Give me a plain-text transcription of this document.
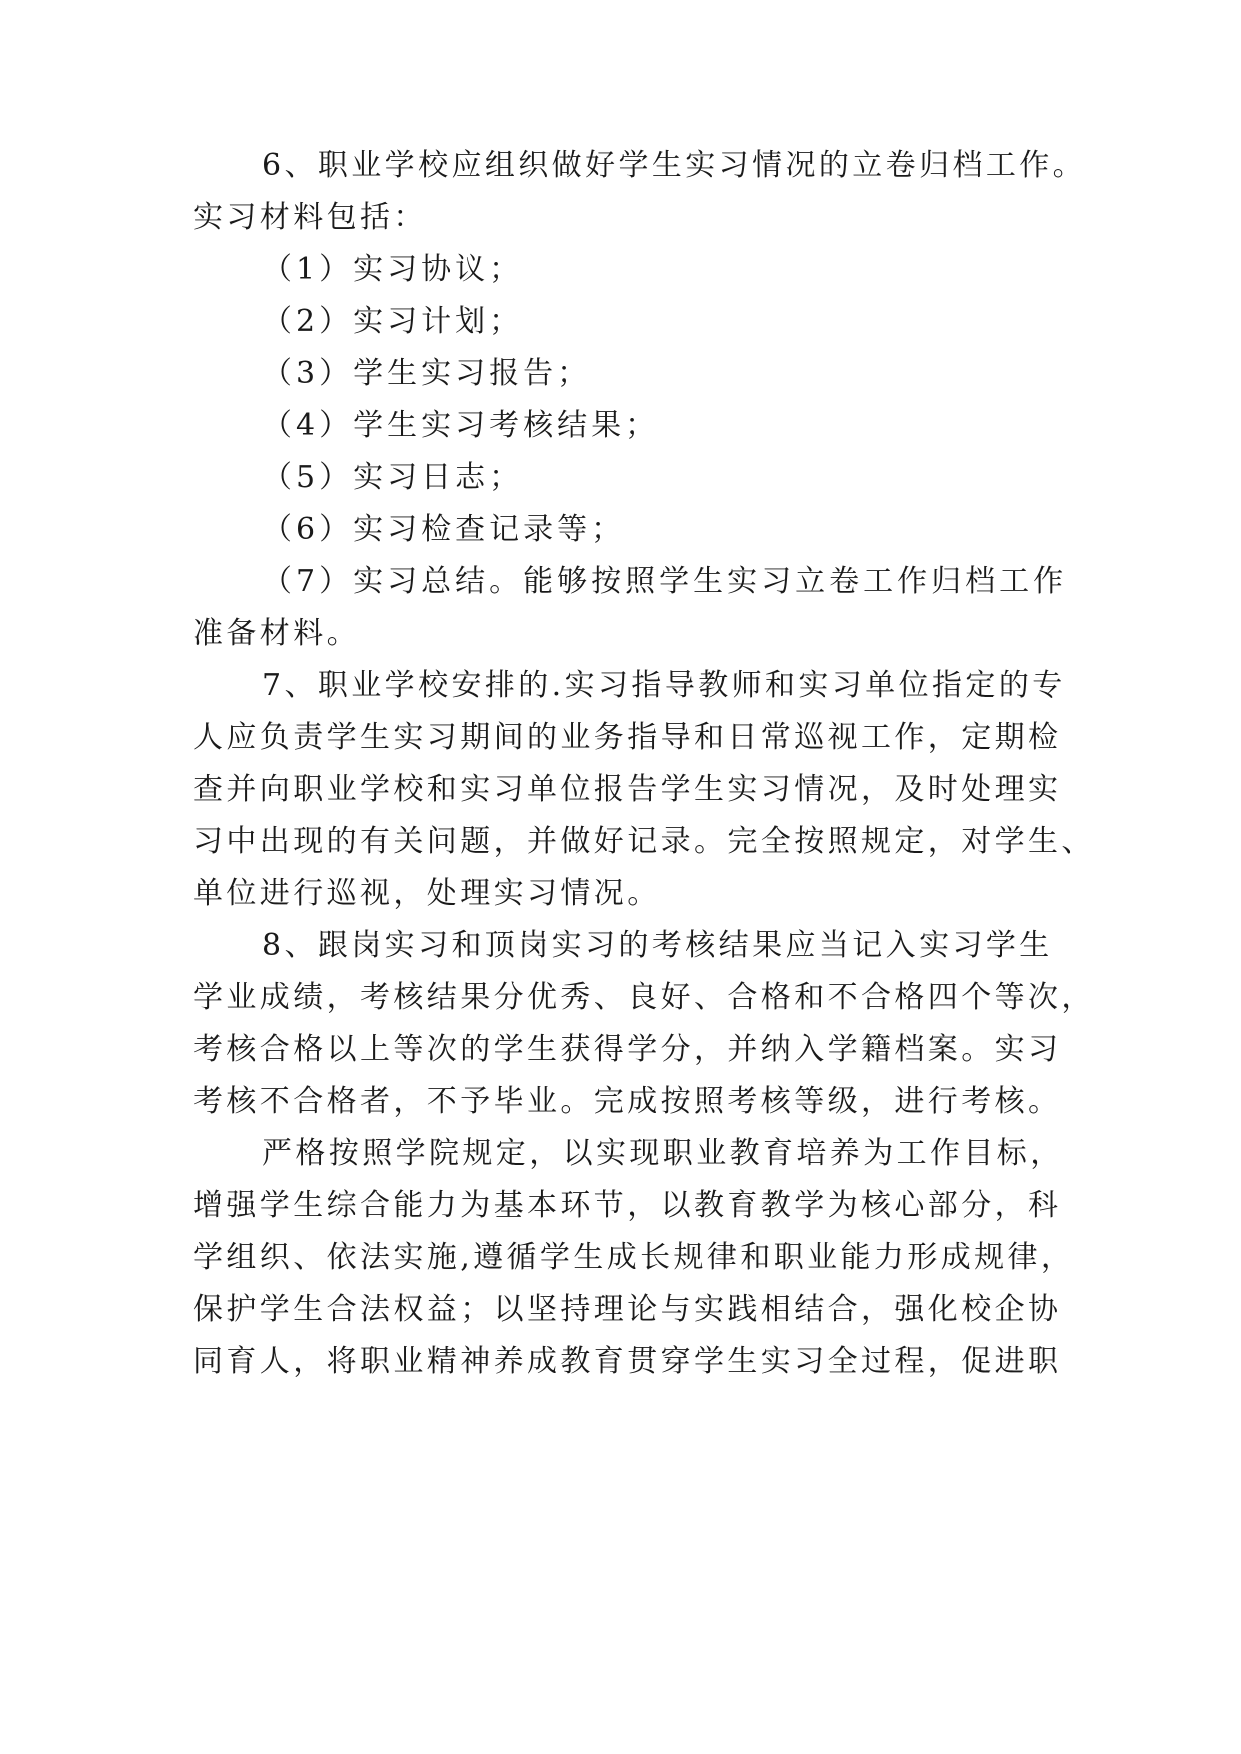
6、职业学校应组织做好学生实习情况的立卷归档工作。
实习材料包括：
（1）实习协议；
（2）实习计划；
（3）学生实习报告；
（4）学生实习考核结果；
（5）实习日志；
（6）实习检查记录等；
（7）实习总结。能够按照学生实习立卷工作归档工作
准备材料。
7、职业学校安排的.实习指导教师和实习单位指定的专
人应负责学生实习期间的业务指导和日常巡视工作，定期检
查并向职业学校和实习单位报告学生实习情况，及时处理实
习中出现的有关问题，并做好记录。完全按照规定，对学生、
单位进行巡视，处理实习情况。
8、跟岗实习和顶岗实习的考核结果应当记入实习学生
学业成绩，考核结果分优秀、良好、合格和不合格四个等次，
考核合格以上等次的学生获得学分，并纳入学籍档案。实习
考核不合格者，不予毕业。完成按照考核等级，进行考核。
严格按照学院规定，以实现职业教育培养为工作目标，
增强学生综合能力为基本环节，以教育教学为核心部分，科
学组织、依法实施,遵循学生成长规律和职业能力形成规律，
保护学生合法权益；以坚持理论与实践相结合，强化校企协
同育人，将职业精神养成教育贯穿学生实习全过程，促进职
